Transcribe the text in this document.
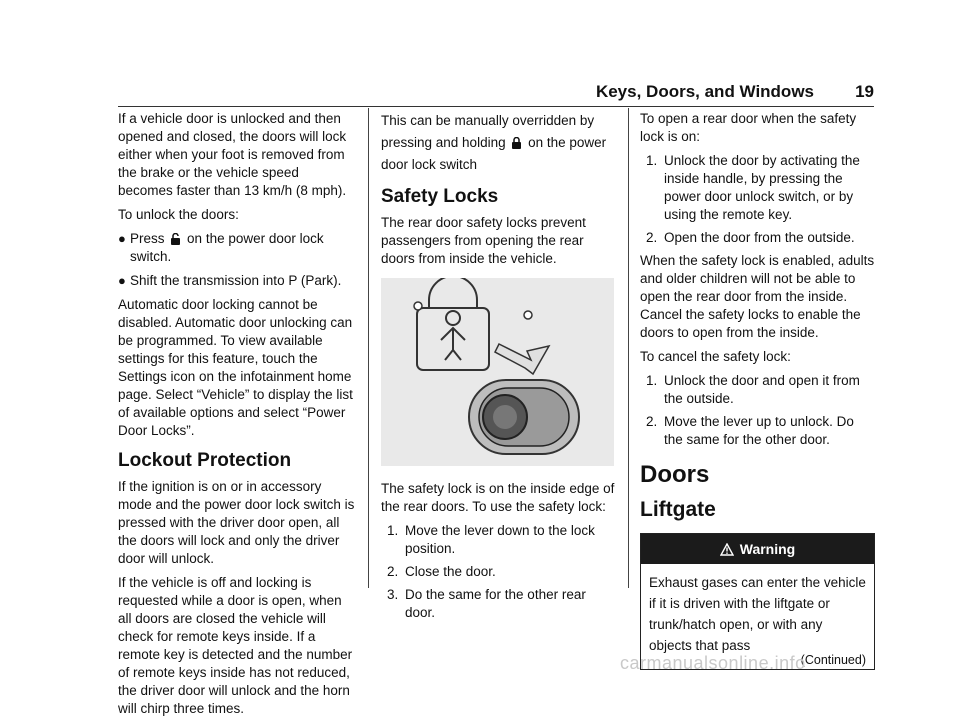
Keys, Doors, and Windows 19

If a vehicle door is unlocked and then opened and closed, the doors will lock either when your foot is removed from the brake or the vehicle speed becomes faster than 13 km/h (8 mph).

To unlock the doors:

● Press on the power door lock switch.
● Shift the transmission into P (Park).

Automatic door locking cannot be disabled. Automatic door unlocking can be programmed. To view available settings for this feature, touch the Settings icon on the infotainment home page. Select “Vehicle” to display the list of available options and select “Power Door Locks”.

Lockout Protection

If the ignition is on or in accessory mode and the power door lock switch is pressed with the driver door open, all the doors will lock and only the driver door will unlock.

If the vehicle is off and locking is requested while a door is open, when all doors are closed the vehicle will check for remote keys inside. If a remote key is detected and the number of remote keys inside has not reduced, the driver door will unlock and the horn will chirp three times.

This can be manually overridden by pressing and holding on the power door lock switch

Safety Locks

The rear door safety locks prevent passengers from opening the rear doors from inside the vehicle.

The safety lock is on the inside edge of the rear doors. To use the safety lock:

1. Move the lever down to the lock position.
2. Close the door.
3. Do the same for the other rear door.

To open a rear door when the safety lock is on:

1. Unlock the door by activating the inside handle, by pressing the power door unlock switch, or by using the remote key.
2. Open the door from the outside.

When the safety lock is enabled, adults and older children will not be able to open the rear door from the inside. Cancel the safety locks to enable the doors to open from the inside.

To cancel the safety lock:

1. Unlock the door and open it from the outside.
2. Move the lever up to unlock. Do the same for the other door.
Doors
Liftgate
Warning
Exhaust gases can enter the vehicle if it is driven with the liftgate or trunk/hatch open, or with any objects that pass
(Continued)
carmanualsonline.info
